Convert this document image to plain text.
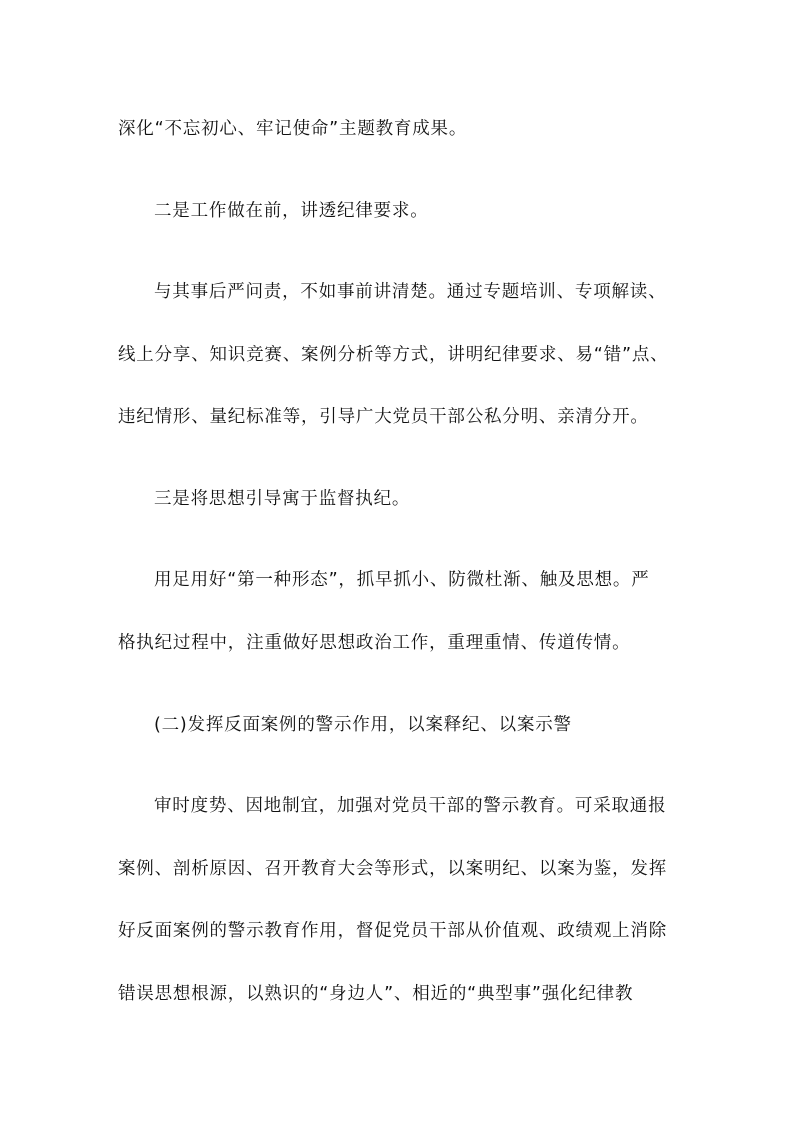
深化“不忘初心、牢记使命”主题教育成果。
二是工作做在前，讲透纪律要求。
与其事后严问责，不如事前讲清楚。通过专题培训、专项解读、
线上分享、知识竞赛、案例分析等方式，讲明纪律要求、易“错”点、
违纪情形、量纪标准等，引导广大党员干部公私分明、亲清分开。
三是将思想引导寓于监督执纪。
用足用好“第一种形态”，抓早抓小、防微杜渐、触及思想。严
格执纪过程中，注重做好思想政治工作，重理重情、传道传情。
(二)发挥反面案例的警示作用，以案释纪、以案示警
审时度势、因地制宜，加强对党员干部的警示教育。可采取通报
案例、剖析原因、召开教育大会等形式，以案明纪、以案为鉴，发挥
好反面案例的警示教育作用，督促党员干部从价值观、政绩观上消除
错误思想根源，以熟识的“身边人”、相近的“典型事”强化纪律教
